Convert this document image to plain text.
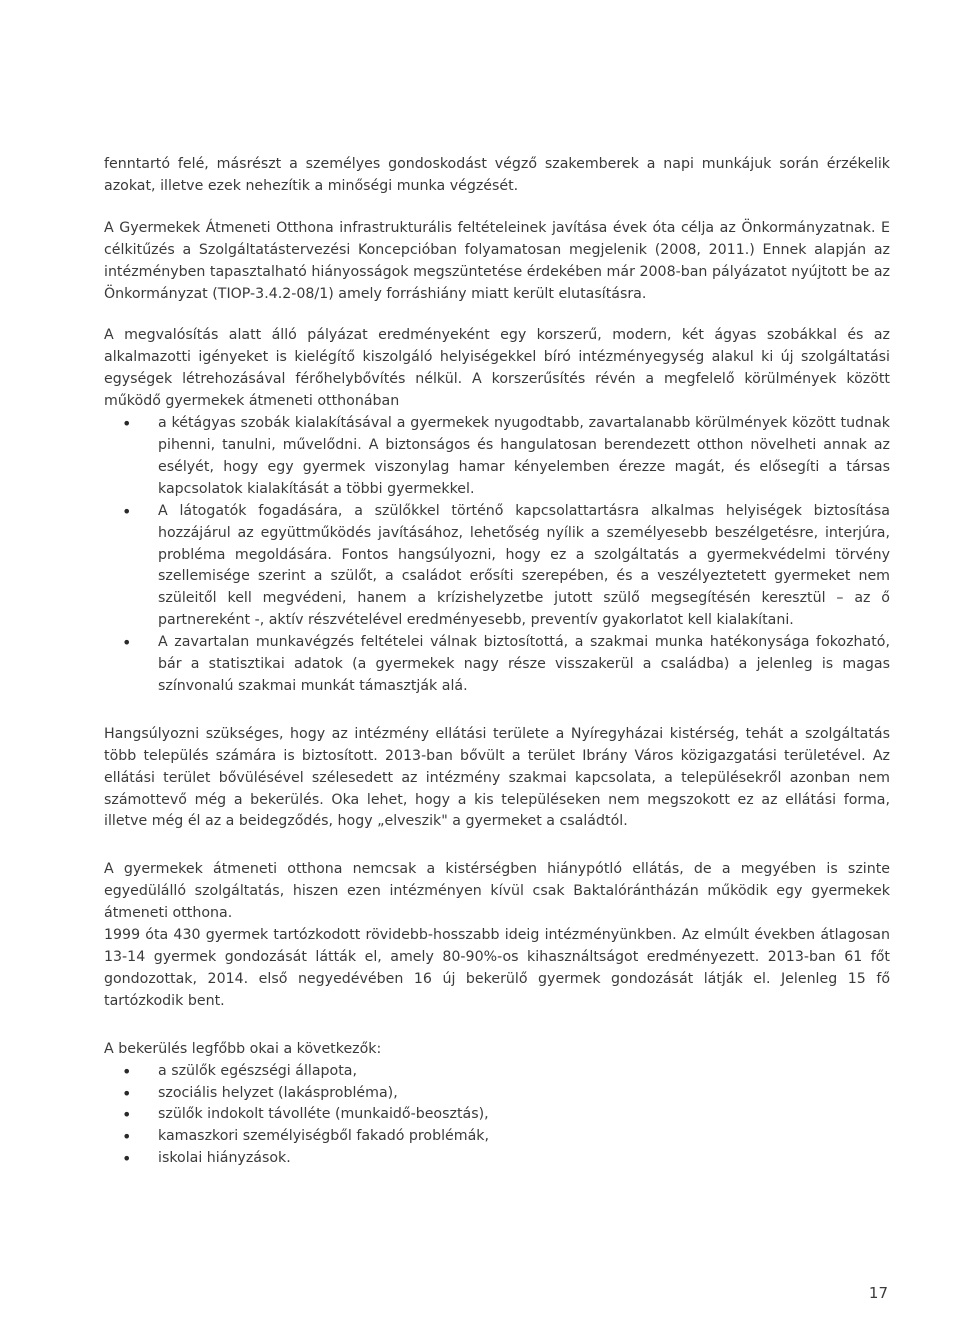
fenntartó felé, másrészt a személyes gondoskodást végző szakemberek a napi munkájuk során érzékelik azokat, illetve ezek nehezítik a minőségi munka végzését.

A Gyermekek Átmeneti Otthona infrastrukturális feltételeinek javítása évek óta célja az Önkormányzatnak. E célkitűzés a Szolgáltatástervezési Koncepcióban folyamatosan megjelenik (2008, 2011.) Ennek alapján az intézményben tapasztalható hiányosságok megszüntetése érdekében már 2008-ban pályázatot nyújtott be az Önkormányzat (TIOP-3.4.2-08/1) amely forráshiány miatt került elutasításra.

A megvalósítás alatt álló pályázat eredményeként egy korszerű, modern, két ágyas szobákkal és az alkalmazotti igényeket is kielégítő kiszolgáló helyiségekkel bíró intézményegység alakul ki új szolgáltatási egységek létrehozásával férőhelybővítés nélkül. A korszerűsítés révén a megfelelő körülmények között működő gyermekek átmeneti otthonában

• a kétágyas szobák kialakításával a gyermekek nyugodtabb, zavartalanabb körülmények között tudnak pihenni, tanulni, művelődni. A biztonságos és hangulatosan berendezett otthon növelheti annak az esélyét, hogy egy gyermek viszonylag hamar kényelemben érezze magát, és elősegíti a társas kapcsolatok kialakítását a többi gyermekkel.
• A látogatók fogadására, a szülőkkel történő kapcsolattartásra alkalmas helyiségek biztosítása hozzájárul az együttműködés javításához, lehetőség nyílik a személyesebb beszélgetésre, interjúra, probléma megoldására. Fontos hangsúlyozni, hogy ez a szolgáltatás a gyermekvédelmi törvény szellemisége szerint a szülőt, a családot erősíti szerepében, és a veszélyeztetett gyermeket nem szüleitől kell megvédeni, hanem a krízishelyzetbe jutott szülő megsegítésén keresztül – az ő partnereként -, aktív részvételével eredményesebb, preventív gyakorlatot kell kialakítani.
• A zavartalan munkavégzés feltételei válnak biztosítottá, a szakmai munka hatékonysága fokozható, bár a statisztikai adatok (a gyermekek nagy része visszakerül a családba) a jelenleg is magas színvonalú szakmai munkát támasztják alá.

Hangsúlyozni szükséges, hogy az intézmény ellátási területe a Nyíregyházai kistérség, tehát a szolgáltatás több település számára is biztosított. 2013-ban bővült a terület Ibrány Város közigazgatási területével. Az ellátási terület bővülésével szélesedett az intézmény szakmai kapcsolata, a településekről azonban nem számottevő még a bekerülés. Oka lehet, hogy a kis településeken nem megszokott ez az ellátási forma, illetve még él az a beidegződés, hogy „elveszik" a gyermeket a családtól.

A gyermekek átmeneti otthona nemcsak a kistérségben hiánypótló ellátás, de a megyében is szinte egyedülálló szolgáltatás, hiszen ezen intézményen kívül csak Baktalórántházán működik egy gyermekek átmeneti otthona.

1999 óta 430 gyermek tartózkodott rövidebb-hosszabb ideig intézményünkben. Az elmúlt években átlagosan 13-14 gyermek gondozását látták el, amely 80-90%-os kihasználtságot eredményezett. 2013-ban 61 főt gondozottak, 2014. első negyedévében 16 új bekerülő gyermek gondozását látják el. Jelenleg 15 fő tartózkodik bent.

A bekerülés legfőbb okai a következők:

• a szülők egészségi állapota,
• szociális helyzet (lakásprobléma),
• szülők indokolt távolléte (munkaidő-beosztás),
• kamaszkori személyiségből fakadó problémák,
• iskolai hiányzások.
17
